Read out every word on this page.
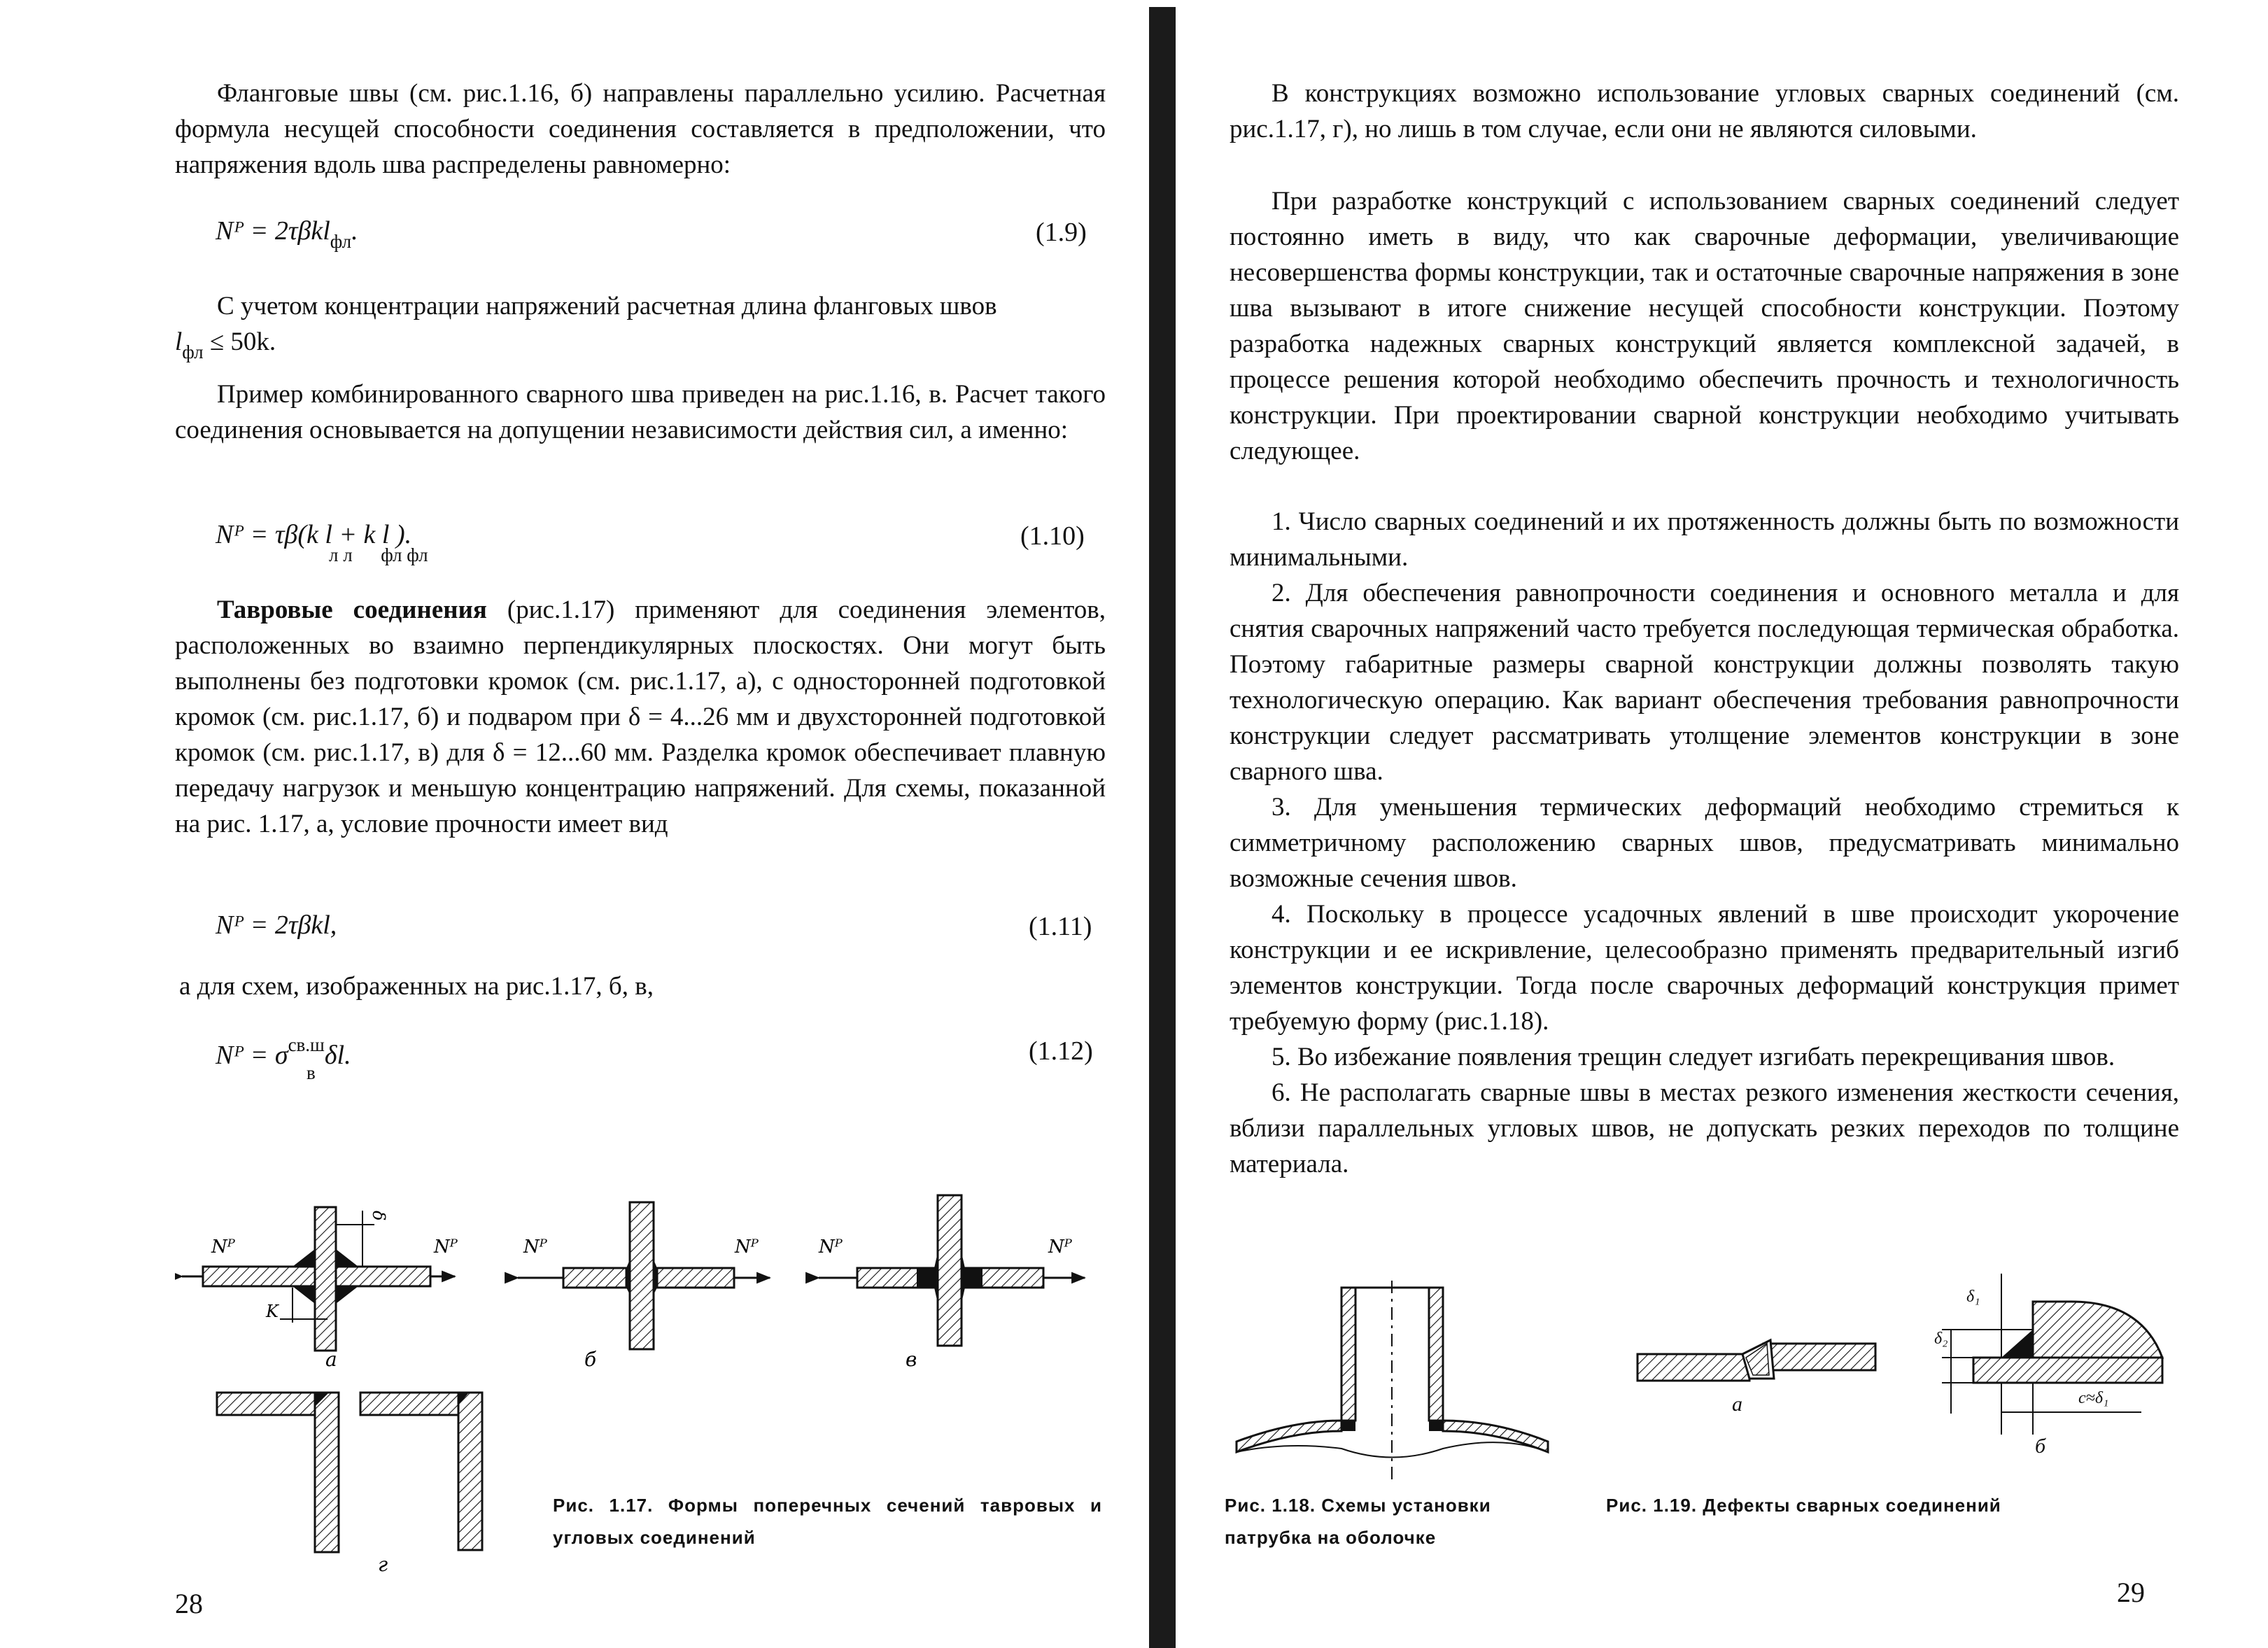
Фланговые швы (см. рис.1.16, б) направлены параллельно усилию. Расчетная формула несущей способности соединения составляется в предположении, что напряжения вдоль шва распределены равномерно:

Nᴾ = 2τβkl$_{фл}$.	(1.9)

С учетом концентрации напряжений расчетная длина фланговых швов

$l_{фл} \le 50k$.

Пример комбинированного сварного шва приведен на рис.1.16, в. Расчет такого соединения основывается на допущении независимости действия сил, а именно:

Nᴾ = τβ(k l + k l ).
л л      фл фл
(1.10)

Тавровые соединения (рис.1.17) применяют для соединения элементов, расположенных во взаимно перпендикулярных плоскостях. Они могут быть выполнены без подготовки кромок (см. рис.1.17, а), с односторонней подготовкой кромок (см. рис.1.17, б) и подваром при δ = 4...26 мм и двухсторонней подготовкой кромок (см. рис.1.17, в) для δ = 12...60 мм. Разделка кромок обеспечивает плавную передачу нагрузок и меньшую концентрацию напряжений. Для схемы, показанной на рис. 1.17, а, условие прочности имеет вид

Nᴾ = 2τβkl,	(1.11)

а для схем, изображенных на рис.1.17, б, в,

Nᴾ = $\sigma^{св.ш}\delta l$.
в
(1.12)
Nᴾ	Nᴾ
K
δ
а
Nᴾ	Nᴾ
б
Nᴾ	Nᴾ
в
г
Рис. 1.17. Формы поперечных сечений тавровых и угловых соединений
28

В конструкциях возможно использование угловых сварных соединений (см. рис.1.17, г), но лишь в том случае, если они не являются силовыми.

При разработке конструкций с использованием сварных соединений следует постоянно иметь в виду, что как сварочные деформации, увеличивающие несовершенства формы конструкции, так и остаточные сварочные напряжения в зоне шва вызывают в итоге снижение несущей способности конструкции. Поэтому разработка надежных сварных конструкций является комплексной задачей, в процессе решения которой необходимо обеспечить прочность и технологичность конструкции. При проектировании сварной конструкции необходимо учитывать следующее.

1. Число сварных соединений и их протяженность должны быть по возможности минимальными.

2. Для обеспечения равнопрочности соединения и основного металла и для снятия сварочных напряжений часто требуется последующая термическая обработка. Поэтому габаритные размеры сварной конструкции должны позволять такую технологическую операцию. Как вариант обеспечения требования равнопрочности конструкции следует рассматривать утолщение элементов конструкции в зоне сварного шва.

3. Для уменьшения термических деформаций необходимо стремиться к симметричному расположению сварных швов, предусматривать минимально возможные сечения швов.

4. Поскольку в процессе усадочных явлений в шве происходит укорочение конструкции и ее искривление, целесообразно применять предварительный изгиб элементов конструкции. Тогда после сварочных деформаций конструкция примет требуемую форму (рис.1.18).

5. Во избежание появления трещин следует изгибать перекрещивания швов.

6. Не располагать сварные швы в местах резкого изменения жесткости сечения, вблизи параллельных угловых швов, не допускать резких переходов по толщине материала.

Рис. 1.18. Схемы установки патрубка на оболочке
а
б
δ₂
δ₁
c≈δ₁
Рис. 1.19. Дефекты сварных соединений
29
